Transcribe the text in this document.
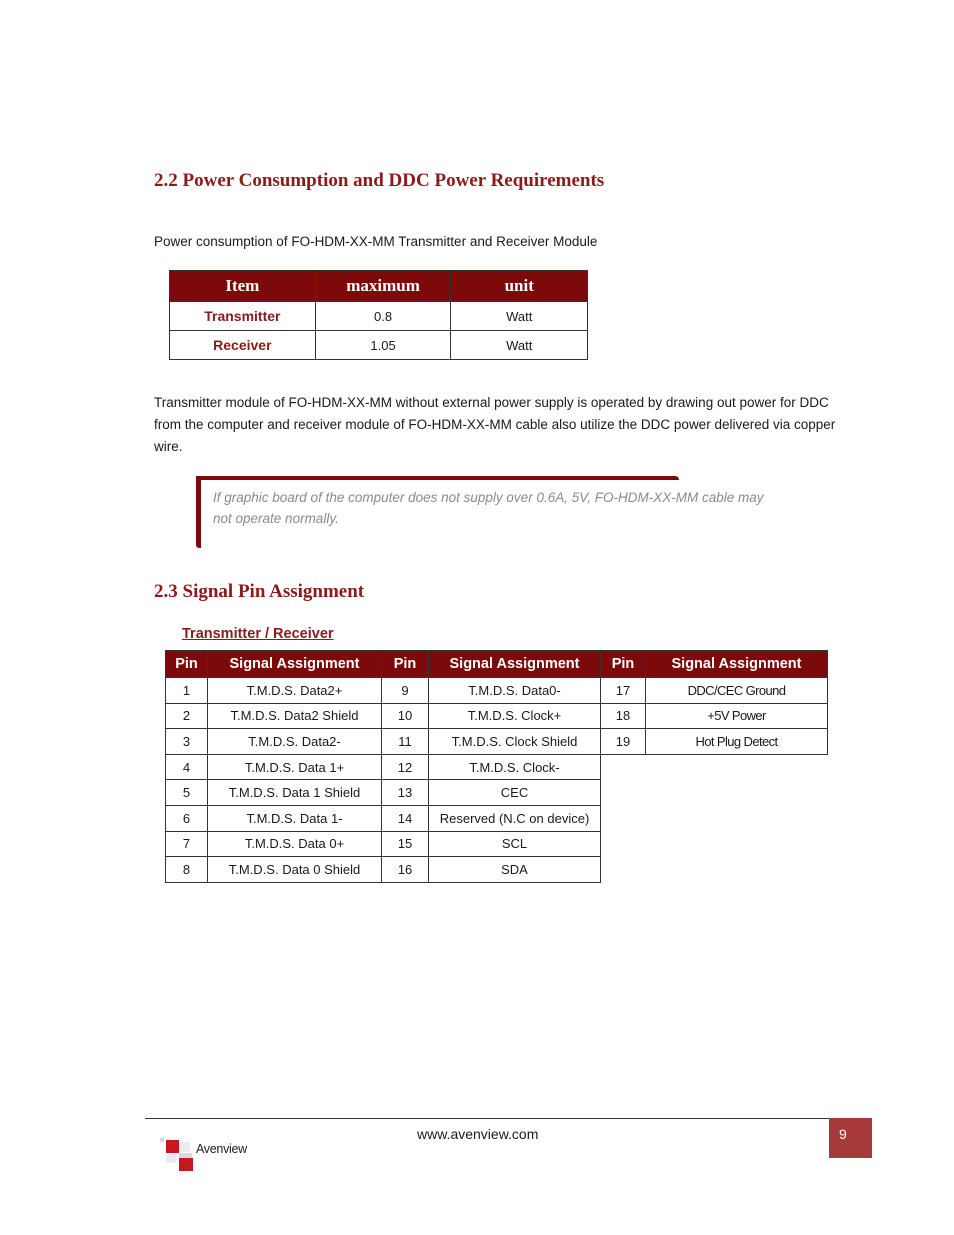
2.2 Power Consumption and DDC Power Requirements

Power consumption of FO-HDM-XX-MM Transmitter and Receiver Module

Item	maximum	unit
Transmitter	0.8	Watt
Receiver	1.05	Watt

Transmitter module of FO-HDM-XX-MM without external power supply is operated by drawing out power for DDC from the computer and receiver module of FO-HDM-XX-MM cable also utilize the DDC power delivered via copper wire.

If graphic board of the computer does not supply over 0.6A, 5V, FO-HDM-XX-MM cable may not operate normally.
2.3 Signal Pin Assignment
Transmitter / Receiver
Pin	Signal Assignment	Pin	Signal Assignment	Pin	Signal Assignment
1	T.M.D.S. Data2+	9	T.M.D.S. Data0-	17	DDC/CEC Ground
2	T.M.D.S. Data2 Shield	10	T.M.D.S. Clock+	18	+5V Power
3	T.M.D.S. Data2-	11	T.M.D.S. Clock Shield	19	Hot Plug Detect
4	T.M.D.S. Data 1+	12	T.M.D.S. Clock-		
5	T.M.D.S. Data 1 Shield	13	CEC		
6	T.M.D.S. Data 1-	14	Reserved (N.C on device)		
7	T.M.D.S. Data 0+	15	SCL		
8	T.M.D.S. Data 0 Shield	16	SDA		
www.avenview.com	9
Avenview
